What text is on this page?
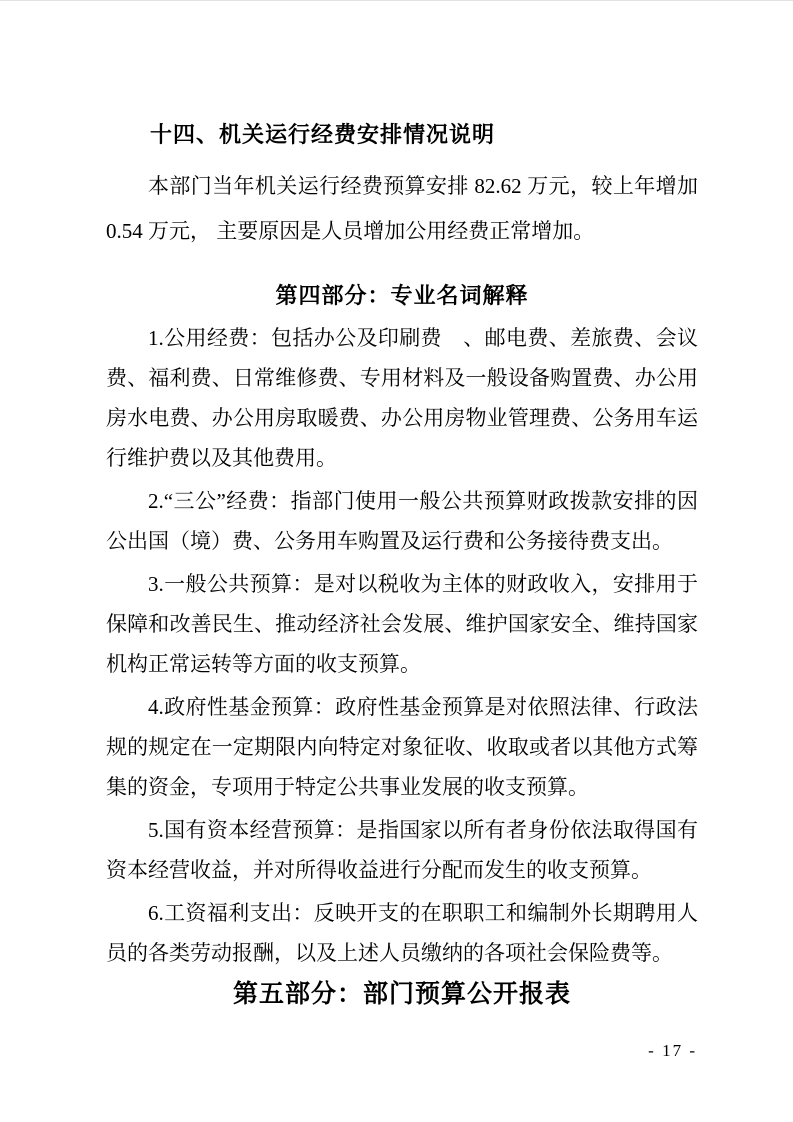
十四、机关运行经费安排情况说明

本部门当年机关运行经费预算安排 82.62 万元，较上年增加 0.54 万元， 主要原因是人员增加公用经费正常增加。

第四部分：专业名词解释

1.公用经费：包括办公及印刷费　、邮电费、差旅费、会议费、福利费、日常维修费、专用材料及一般设备购置费、办公用房水电费、办公用房取暖费、办公用房物业管理费、公务用车运行维护费以及其他费用。

2.“三公”经费：指部门使用一般公共预算财政拨款安排的因公出国（境）费、公务用车购置及运行费和公务接待费支出。

3.一般公共预算：是对以税收为主体的财政收入，安排用于保障和改善民生、推动经济社会发展、维护国家安全、维持国家机构正常运转等方面的收支预算。

4.政府性基金预算：政府性基金预算是对依照法律、行政法规的规定在一定期限内向特定对象征收、收取或者以其他方式筹集的资金，专项用于特定公共事业发展的收支预算。

5.国有资本经营预算：是指国家以所有者身份依法取得国有资本经营收益，并对所得收益进行分配而发生的收支预算。

6.工资福利支出：反映开支的在职职工和编制外长期聘用人员的各类劳动报酬，以及上述人员缴纳的各项社会保险费等。

第五部分：部门预算公开报表
- 17 -
